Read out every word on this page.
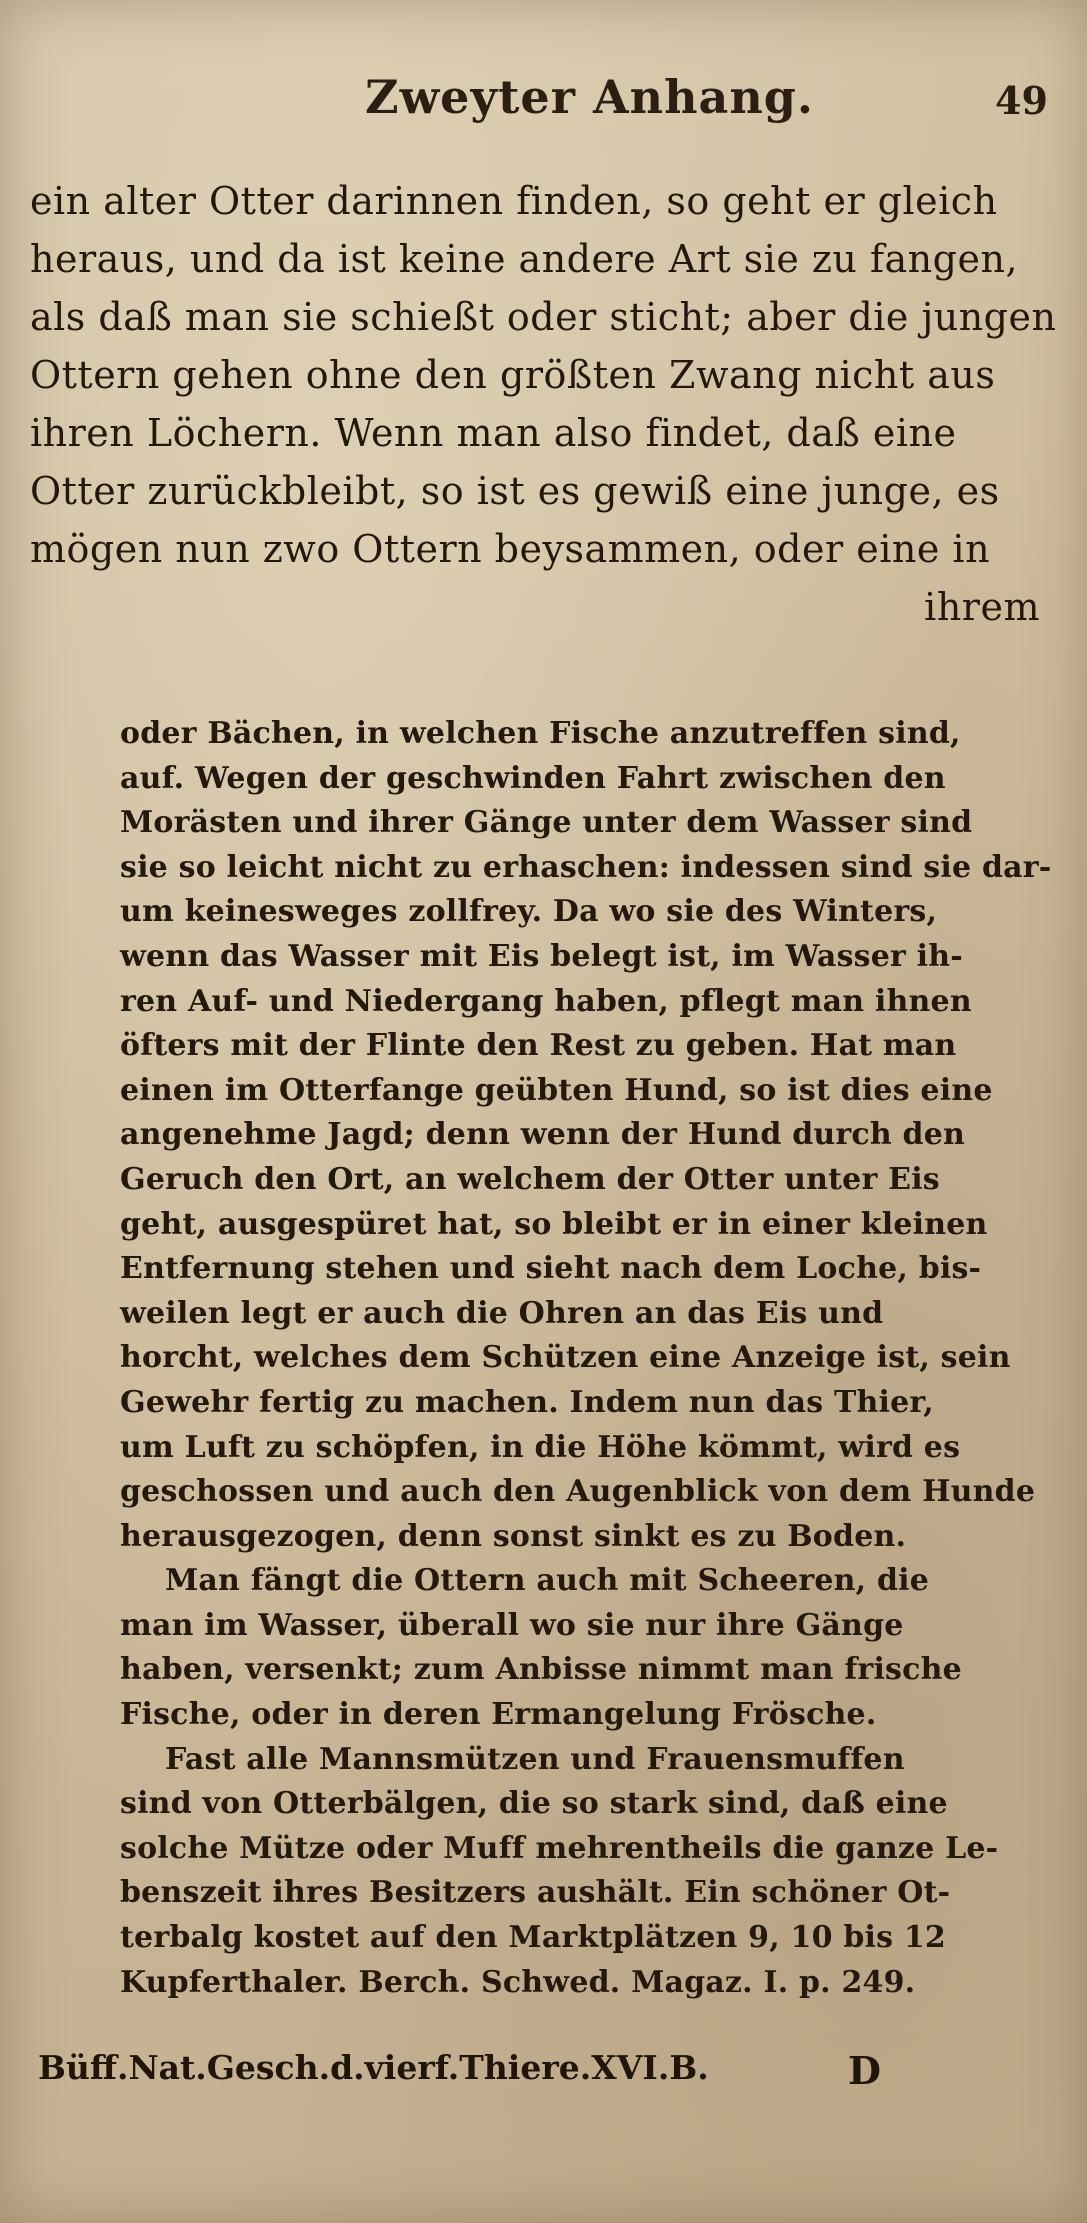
Zweyter Anhang.	49
ein alter Otter darinnen finden, so geht er gleich
heraus, und da ist keine andere Art sie zu fangen,
als daß man sie schießt oder sticht; aber die jungen
Ottern gehen ohne den größten Zwang nicht aus
ihren Löchern. Wenn man also findet, daß eine
Otter zurückbleibt, so ist es gewiß eine junge, es
mögen nun zwo Ottern beysammen, oder eine in
ihrem
oder Bächen, in welchen Fische anzutreffen sind,
auf. Wegen der geschwinden Fahrt zwischen den
Morästen und ihrer Gänge unter dem Wasser sind
sie so leicht nicht zu erhaschen: indessen sind sie dar-
um keinesweges zollfrey. Da wo sie des Winters,
wenn das Wasser mit Eis belegt ist, im Wasser ih-
ren Auf- und Niedergang haben, pflegt man ihnen
öfters mit der Flinte den Rest zu geben. Hat man
einen im Otterfange geübten Hund, so ist dies eine
angenehme Jagd; denn wenn der Hund durch den
Geruch den Ort, an welchem der Otter unter Eis
geht, ausgespüret hat, so bleibt er in einer kleinen
Entfernung stehen und sieht nach dem Loche, bis-
weilen legt er auch die Ohren an das Eis und
horcht, welches dem Schützen eine Anzeige ist, sein
Gewehr fertig zu machen. Indem nun das Thier,
um Luft zu schöpfen, in die Höhe kömmt, wird es
geschossen und auch den Augenblick von dem Hunde
herausgezogen, denn sonst sinkt es zu Boden.
Man fängt die Ottern auch mit Scheeren, die
man im Wasser, überall wo sie nur ihre Gänge
haben, versenkt; zum Anbisse nimmt man frische
Fische, oder in deren Ermangelung Frösche.
Fast alle Mannsmützen und Frauensmuffen
sind von Otterbälgen, die so stark sind, daß eine
solche Mütze oder Muff mehrentheils die ganze Le-
benszeit ihres Besitzers aushält. Ein schöner Ot-
terbalg kostet auf den Marktplätzen 9, 10 bis 12
Kupferthaler. Berch. Schwed. Magaz. I. p. 249.
Büff.Nat.Gesch.d.vierf.Thiere.XVI.B.	D
